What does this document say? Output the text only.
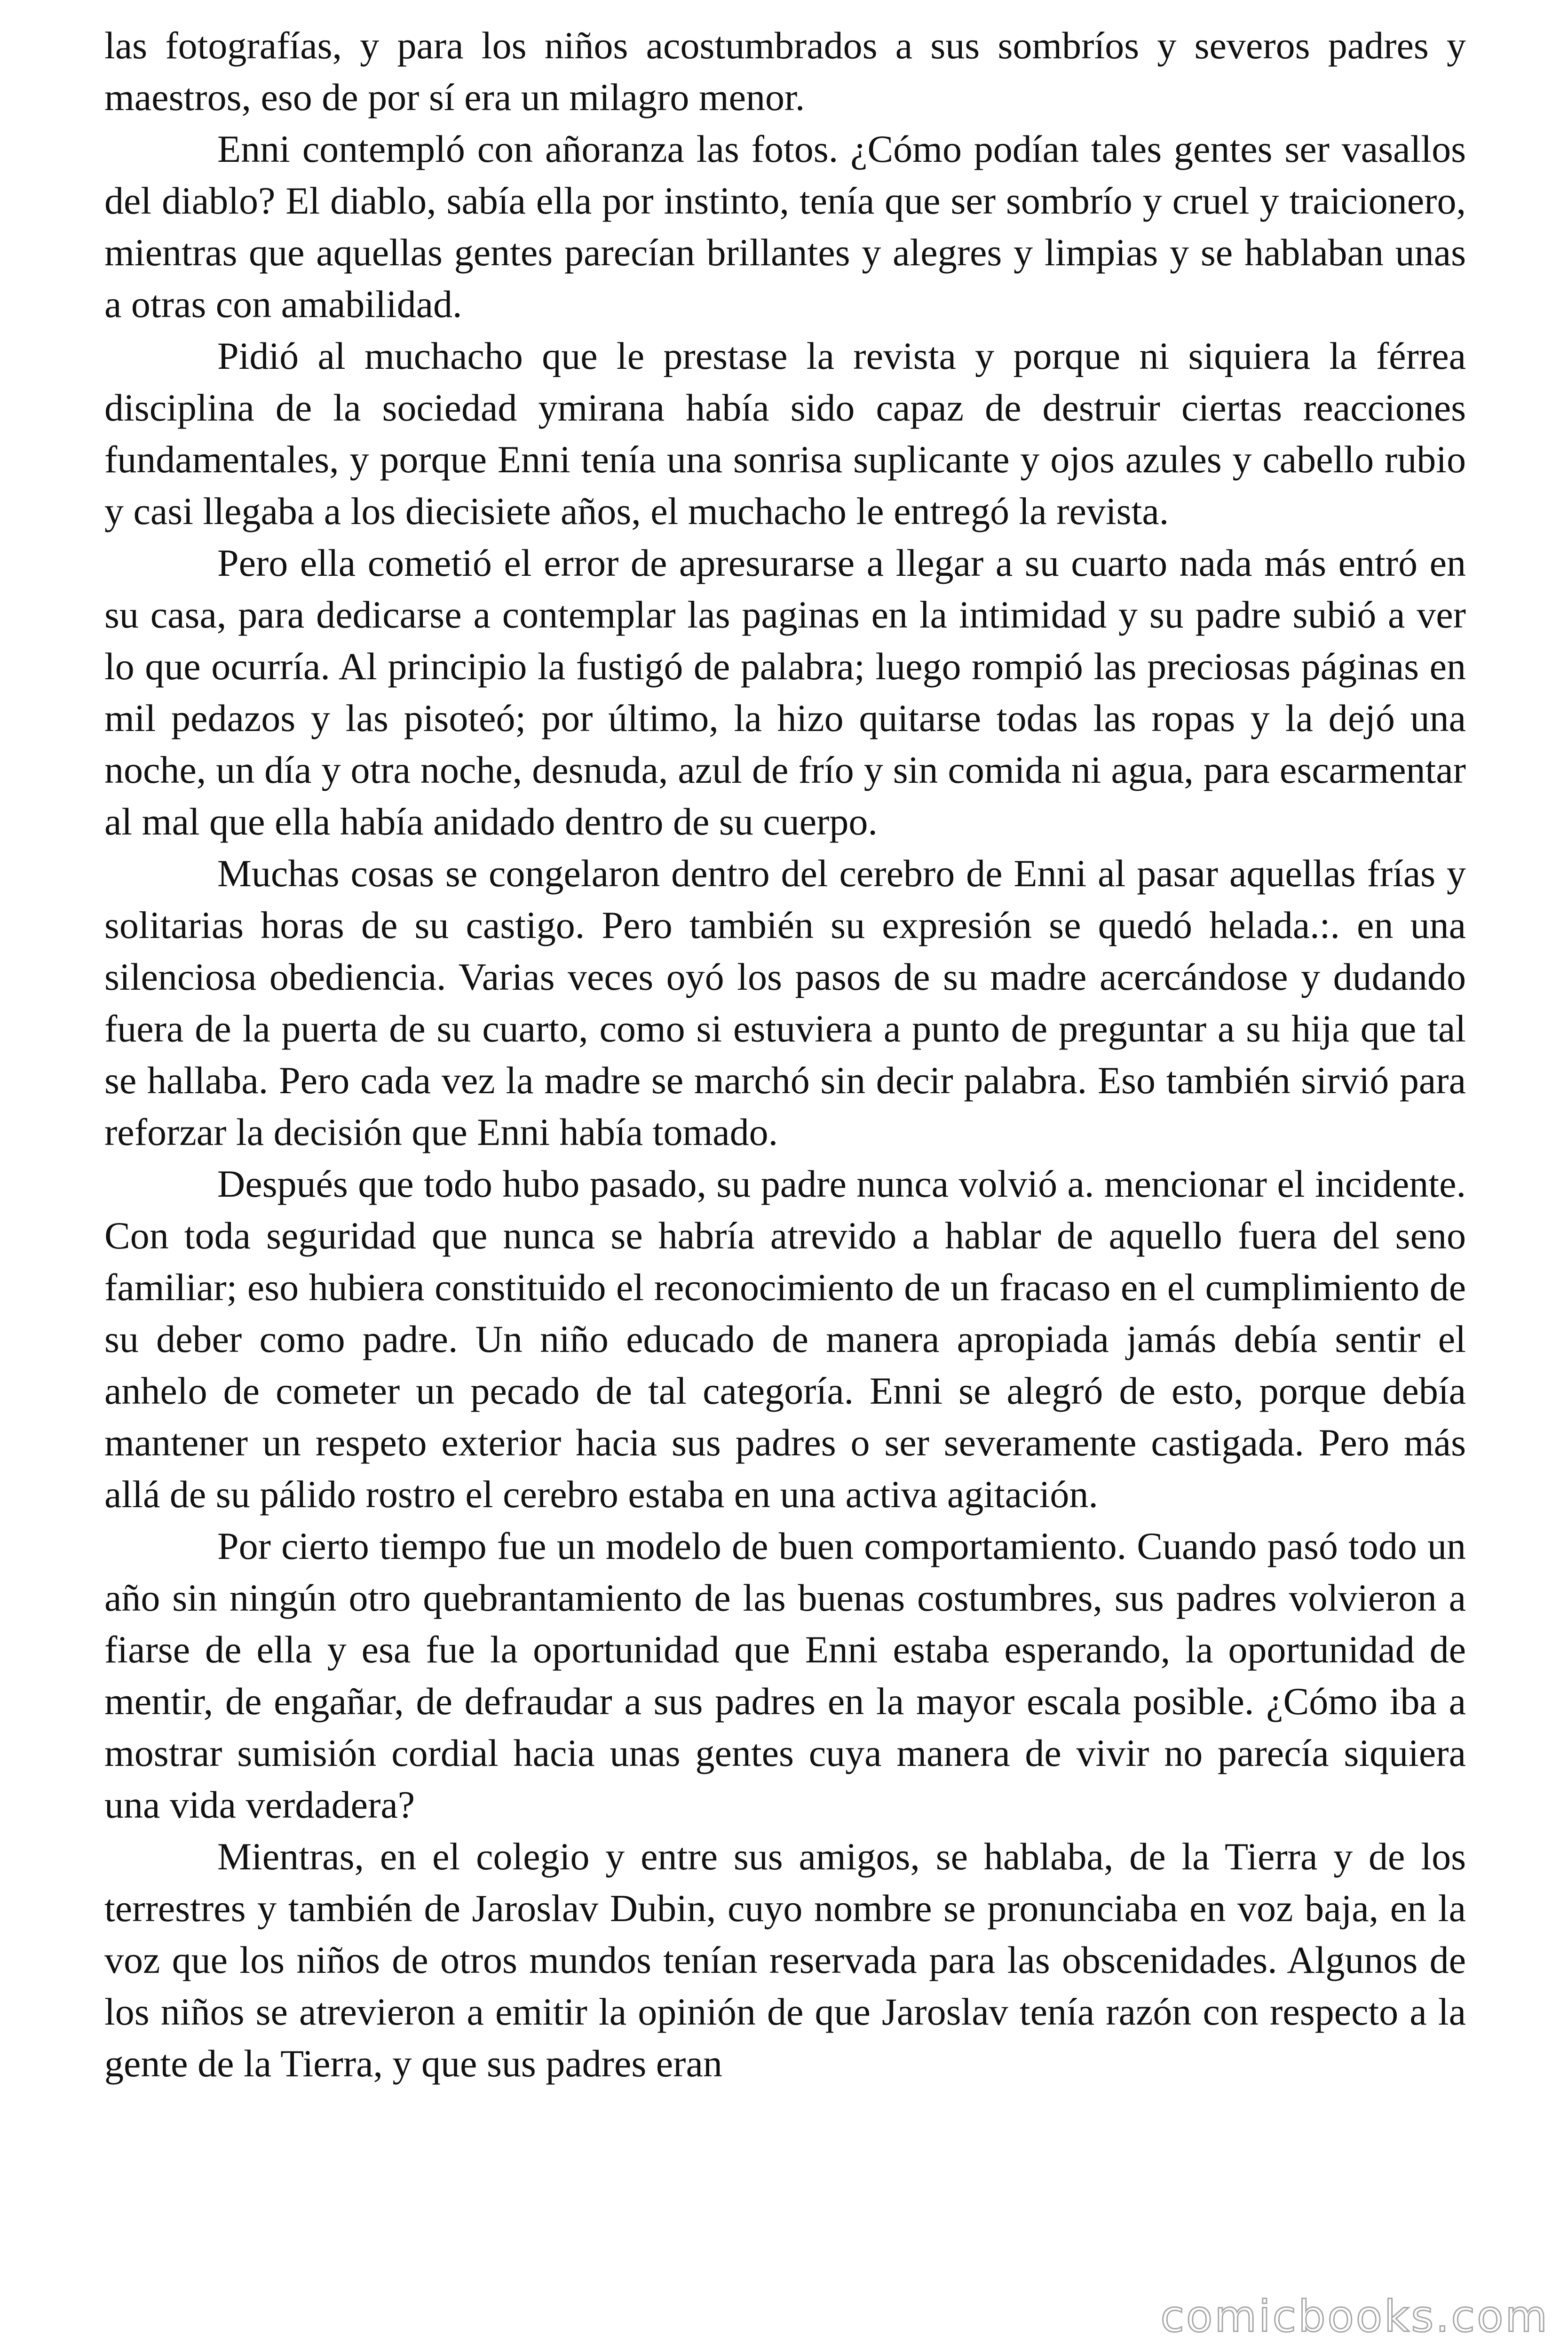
las fotografías, y para los niños acostumbrados a sus sombríos y severos padres y maestros, eso de por sí era un milagro menor.

Enni contempló con añoranza las fotos. ¿Cómo podían tales gentes ser vasallos del diablo? El diablo, sabía ella por instinto, tenía que ser sombrío y cruel y traicionero, mientras que aquellas gentes parecían brillantes y alegres y limpias y se hablaban unas a otras con amabilidad.

Pidió al muchacho que le prestase la revista y porque ni siquiera la férrea disciplina de la sociedad ymirana había sido capaz de destruir ciertas reacciones fundamentales, y porque Enni tenía una sonrisa suplicante y ojos azules y cabello rubio y casi llegaba a los diecisiete años, el muchacho le entregó la revista.

Pero ella cometió el error de apresurarse a llegar a su cuarto nada más entró en su casa, para dedicarse a contemplar las paginas en la intimidad y su padre subió a ver lo que ocurría. Al principio la fustigó de palabra; luego rompió las preciosas páginas en mil pedazos y las pisoteó; por último, la hizo quitarse todas las ropas y la dejó una noche, un día y otra noche, desnuda, azul de frío y sin comida ni agua, para escarmentar al mal que ella había anidado dentro de su cuerpo.

Muchas cosas se congelaron dentro del cerebro de Enni al pasar aquellas frías y solitarias horas de su castigo. Pero también su expresión se quedó helada.:. en una silenciosa obediencia. Varias veces oyó los pasos de su madre acercándose y dudando fuera de la puerta de su cuarto, como si estuviera a punto de preguntar a su hija que tal se hallaba. Pero cada vez la madre se marchó sin decir palabra. Eso también sirvió para reforzar la decisión que Enni había tomado.

Después que todo hubo pasado, su padre nunca volvió a. mencionar el incidente. Con toda seguridad que nunca se habría atrevido a hablar de aquello fuera del seno familiar; eso hubiera constituido el reconocimiento de un fracaso en el cumplimiento de su deber como padre. Un niño educado de manera apropiada jamás debía sentir el anhelo de cometer un pecado de tal categoría. Enni se alegró de esto, porque debía mantener un respeto exterior hacia sus padres o ser severamente castigada. Pero más allá de su pálido rostro el cerebro estaba en una activa agitación.

Por cierto tiempo fue un modelo de buen comportamiento. Cuando pasó todo un año sin ningún otro quebrantamiento de las buenas costumbres, sus padres volvieron a fiarse de ella y esa fue la oportunidad que Enni estaba esperando, la oportunidad de mentir, de engañar, de defraudar a sus padres en la mayor escala posible. ¿Cómo iba a mostrar sumisión cordial hacia unas gentes cuya manera de vivir no parecía siquiera una vida verdadera?

Mientras, en el colegio y entre sus amigos, se hablaba, de la Tierra y de los terrestres y también de Jaroslav Dubin, cuyo nombre se pronunciaba en voz baja, en la voz que los niños de otros mundos tenían reservada para las obscenidades. Algunos de los niños se atrevieron a emitir la opinión de que Jaroslav tenía razón con respecto a la gente de la Tierra, y que sus padres eran

comicbooks.com
